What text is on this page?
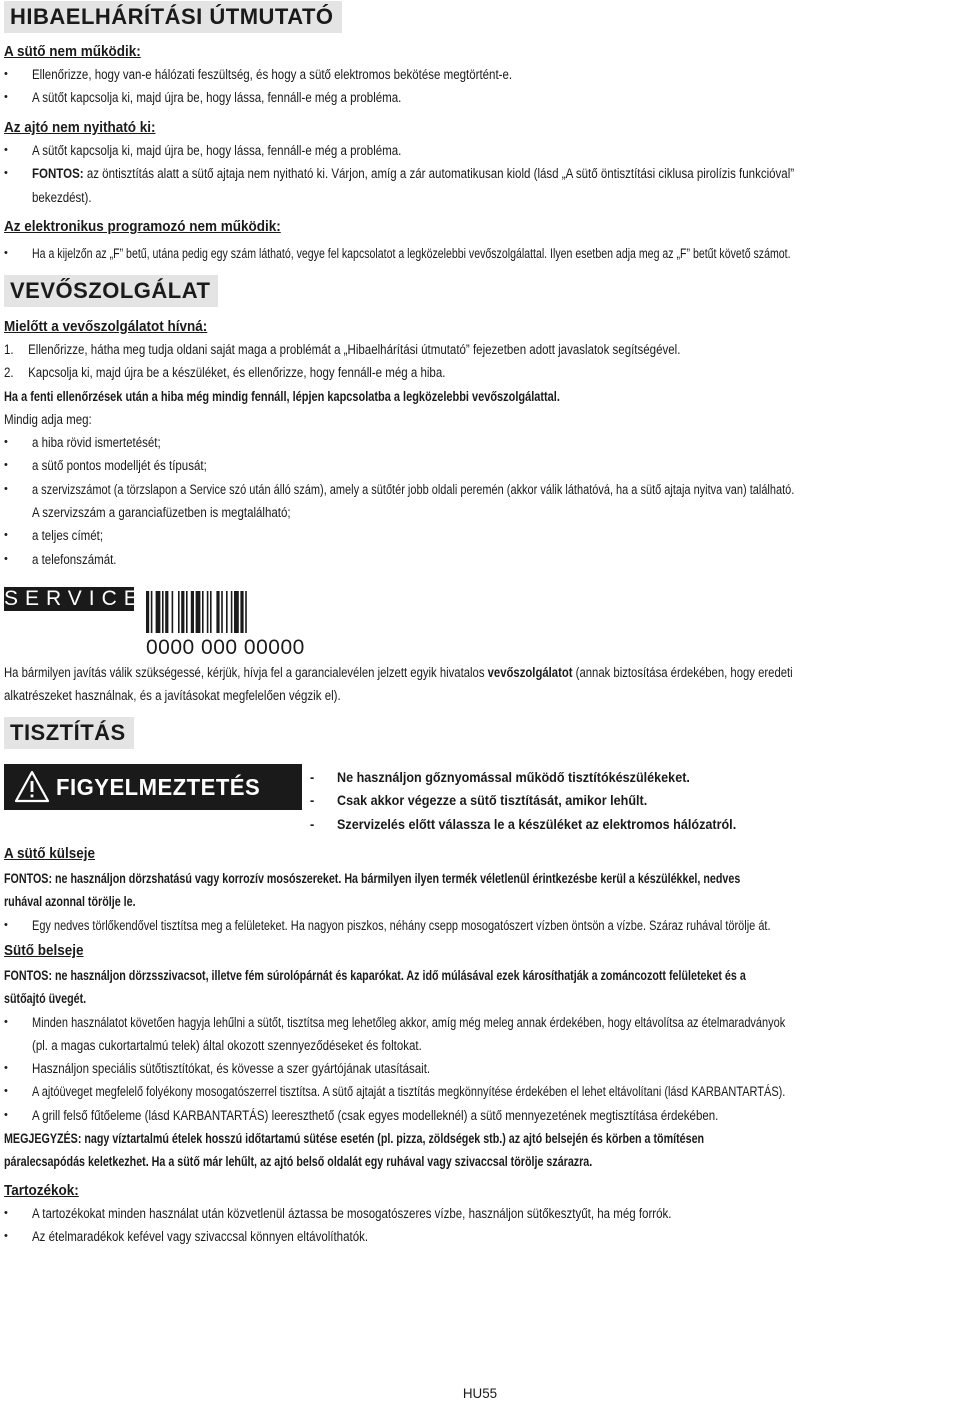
HIBAELHÁRÍTÁSI ÚTMUTATÓ
A sütő nem működik:
• Ellenőrizze, hogy van-e hálózati feszültség, és hogy a sütő elektromos bekötése megtörtént-e.
• A sütőt kapcsolja ki, majd újra be, hogy lássa, fennáll-e még a probléma.
Az ajtó nem nyitható ki:
• A sütőt kapcsolja ki, majd újra be, hogy lássa, fennáll-e még a probléma.
• FONTOS: az öntisztítás alatt a sütő ajtaja nem nyitható ki. Várjon, amíg a zár automatikusan kiold (lásd „A sütő öntisztítási ciklusa pirolízis funkcióval”
bekezdést).
Az elektronikus programozó nem működik:
• Ha a kijelzőn az „F” betű, utána pedig egy szám látható, vegye fel kapcsolatot a legközelebbi vevőszolgálattal. Ilyen esetben adja meg az „F” betűt követő számot.
VEVŐSZOLGÁLAT
Mielőtt a vevőszolgálatot hívná:
1. Ellenőrizze, hátha meg tudja oldani saját maga a problémát a „Hibaelhárítási útmutató” fejezetben adott javaslatok segítségével.
2. Kapcsolja ki, majd újra be a készüléket, és ellenőrizze, hogy fennáll-e még a hiba.
Ha a fenti ellenőrzések után a hiba még mindig fennáll, lépjen kapcsolatba a legközelebbi vevőszolgálattal.
Mindig adja meg:
• a hiba rövid ismertetését;
• a sütő pontos modelljét és típusát;
• a szervizszámot (a törzslapon a Service szó után álló szám), amely a sütőtér jobb oldali peremén (akkor válik láthatóvá, ha a sütő ajtaja nyitva van) található.
A szervizszám a garanciafüzetben is megtalálható;
• a teljes címét;
• a telefonszámát.
SERVICE
0000 000 00000
Ha bármilyen javítás válik szükségessé, kérjük, hívja fel a garancialevélen jelzett egyik hivatalos vevőszolgálatot (annak biztosítása érdekében, hogy eredeti
alkatrészeket használnak, és a javításokat megfelelően végzik el).
TISZTÍTÁS
FIGYELMEZTETÉS	- Ne használjon gőznyomással működő tisztítókészülékeket.
- Csak akkor végezze a sütő tisztítását, amikor lehűlt.
- Szervizelés előtt válassza le a készüléket az elektromos hálózatról.
A sütő külseje
FONTOS: ne használjon dörzshatású vagy korrozív mosószereket. Ha bármilyen ilyen termék véletlenül érintkezésbe kerül a készülékkel, nedves
ruhával azonnal törölje le.
• Egy nedves törlőkendővel tisztítsa meg a felületeket. Ha nagyon piszkos, néhány csepp mosogatószert vízben öntsön a vízbe. Száraz ruhával törölje át.
Sütő belseje
FONTOS: ne használjon dörzsszivacsot, illetve fém súrolópárnát és kaparókat. Az idő múlásával ezek károsíthatják a zománcozott felületeket és a
sütőajtó üvegét.
• Minden használatot követően hagyja lehűlni a sütőt, tisztítsa meg lehetőleg akkor, amíg még meleg annak érdekében, hogy eltávolítsa az ételmaradványok
(pl. a magas cukortartalmú telek) által okozott szennyeződéseket és foltokat.
• Használjon speciális sütőtisztítókat, és kövesse a szer gyártójának utasításait.
• A ajtóüveget megfelelő folyékony mosogatószerrel tisztítsa. A sütő ajtaját a tisztítás megkönnyítése érdekében el lehet eltávolítani (lásd KARBANTARTÁS).
• A grill felső fűtőeleme (lásd KARBANTARTÁS) leereszthető (csak egyes modelleknél) a sütő mennyezetének megtisztítása érdekében.
MEGJEGYZÉS: nagy víztartalmú ételek hosszú időtartamú sütése esetén (pl. pizza, zöldségek stb.) az ajtó belsején és körben a tömítésen
páralecsapódás keletkezhet. Ha a sütő már lehűlt, az ajtó belső oldalát egy ruhával vagy szivaccsal törölje szárazra.
Tartozékok:
• A tartozékokat minden használat után közvetlenül áztassa be mosogatószeres vízbe, használjon sütőkesztyűt, ha még forrók.
• Az ételmaradékok kefével vagy szivaccsal könnyen eltávolíthatók.
HU55
